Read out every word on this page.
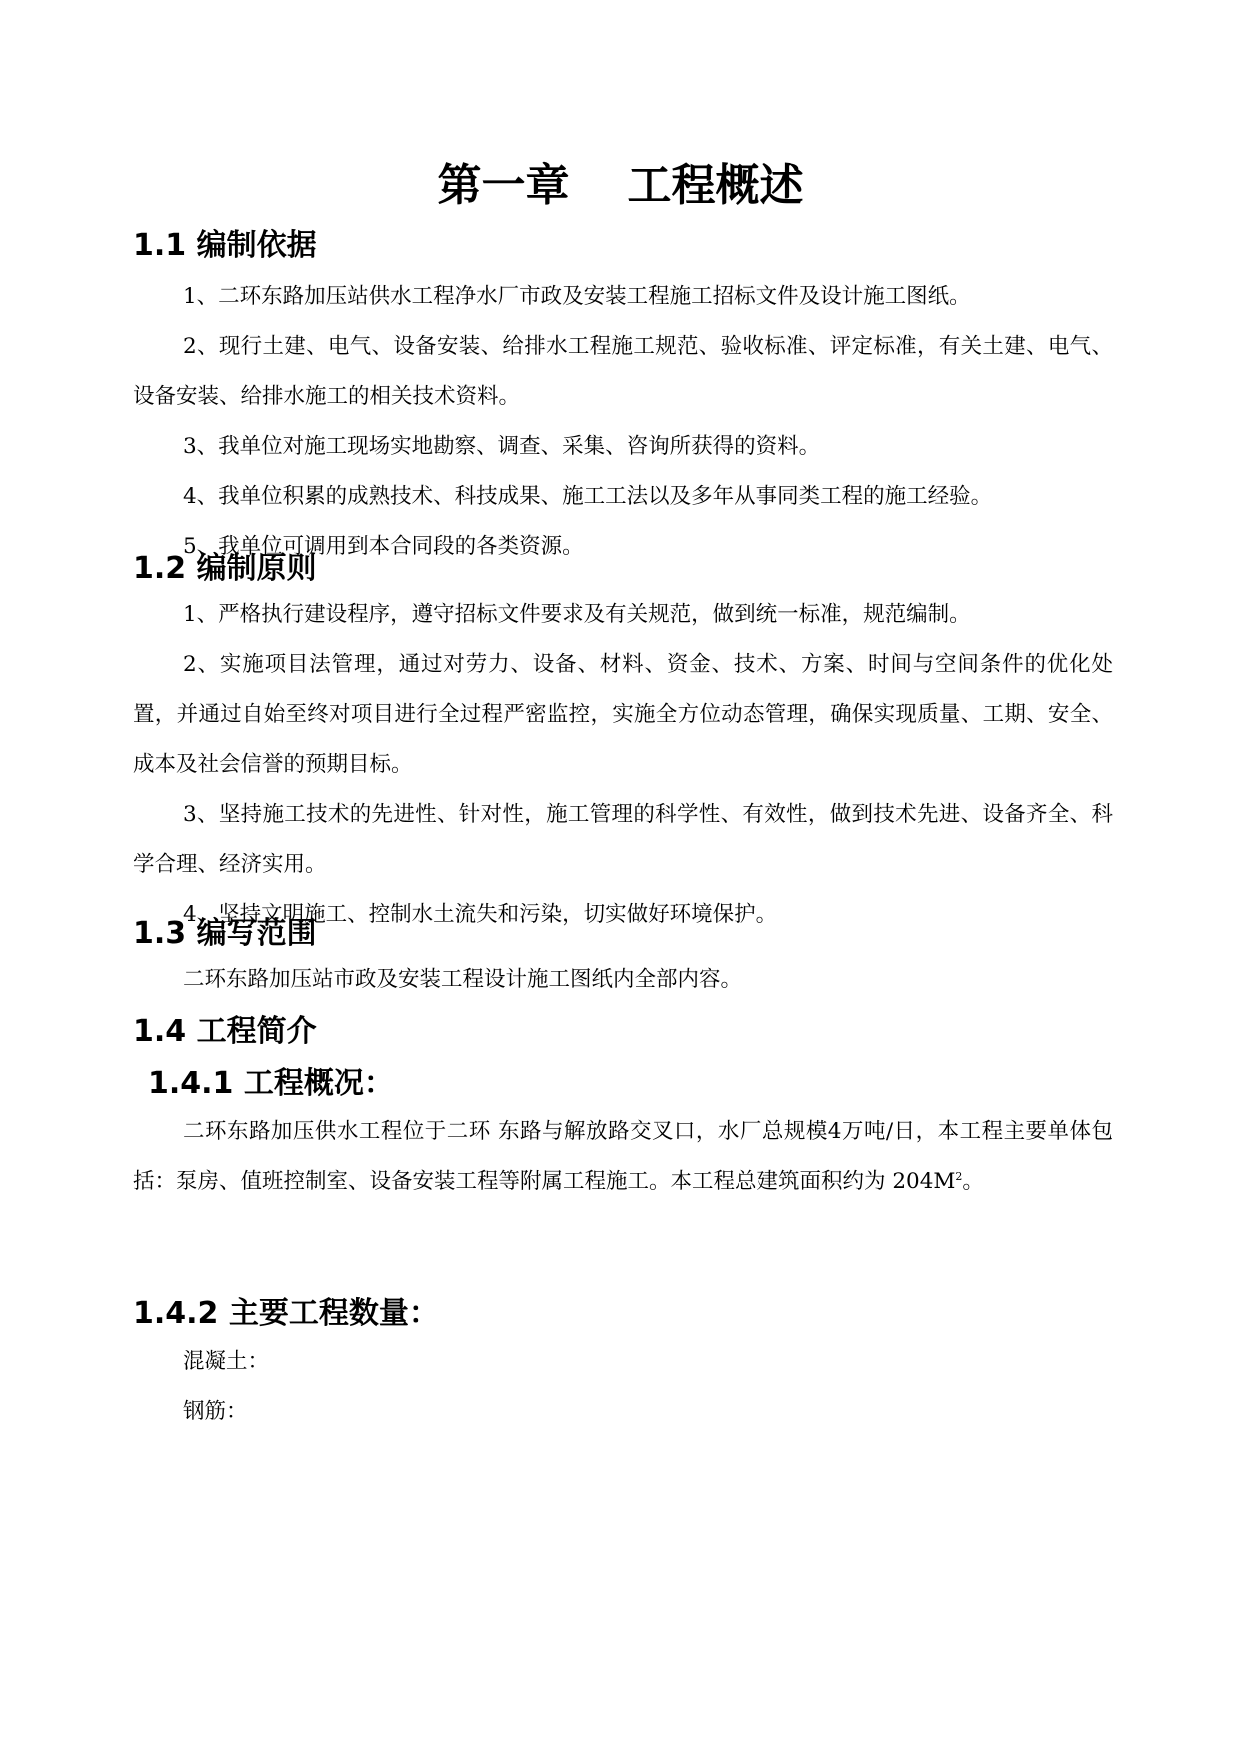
第一章 工程概述
1.1 编制依据

1、二环东路加压站供水工程净水厂市政及安装工程施工招标文件及设计施工图纸。

2、现行土建、电气、设备安装、给排水工程施工规范、验收标准、评定标准，有关土建、电气、设备安装、给排水施工的相关技术资料。

3、我单位对施工现场实地勘察、调查、采集、咨询所获得的资料。

4、我单位积累的成熟技术、科技成果、施工工法以及多年从事同类工程的施工经验。

5、我单位可调用到本合同段的各类资源。

1.2 编制原则

1、严格执行建设程序，遵守招标文件要求及有关规范，做到统一标准，规范编制。

2、实施项目法管理，通过对劳力、设备、材料、资金、技术、方案、时间与空间条件的优化处置，并通过自始至终对项目进行全过程严密监控，实施全方位动态管理，确保实现质量、工期、安全、成本及社会信誉的预期目标。

3、坚持施工技术的先进性、针对性，施工管理的科学性、有效性，做到技术先进、设备齐全、科学合理、经济实用。

4、坚持文明施工、控制水土流失和污染，切实做好环境保护。

1.3 编写范围

二环东路加压站市政及安装工程设计施工图纸内全部内容。

1.4 工程简介
1.4.1 工程概况：

二环东路加压供水工程位于二环 东路与解放路交叉口，水厂总规模4万吨/日，本工程主要单体包括：泵房、值班控制室、设备安装工程等附属工程施工。本工程总建筑面积约为 $204M^2$。

1.4.2 主要工程数量：

混凝土：

钢筋：
